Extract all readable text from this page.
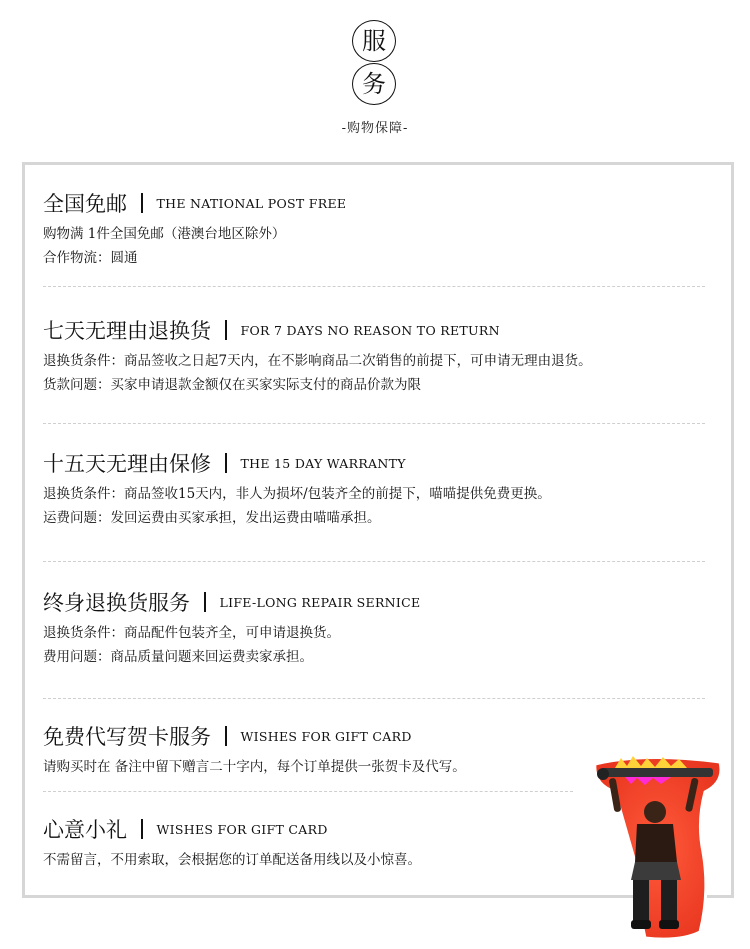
服
务
-购物保障-
全国免邮 THE NATIONAL POST FREE
购物满 1件全国免邮（港澳台地区除外）
合作物流：圆通
七天无理由退换货 FOR 7 DAYS NO REASON TO RETURN
退换货条件：商品签收之日起7天内，在不影响商品二次销售的前提下，可申请无理由退货。
货款问题：买家申请退款金额仅在买家实际支付的商品价款为限
十五天无理由保修 THE 15 DAY WARRANTY
退换货条件：商品签收15天内，非人为损坏/包装齐全的前提下，喵喵提供免费更换。
运费问题：发回运费由买家承担，发出运费由喵喵承担。
终身退换货服务 LIFE-LONG REPAIR SERNICE
退换货条件：商品配件包装齐全，可申请退换货。
费用问题：商品质量问题来回运费卖家承担。
免费代写贺卡服务 WISHES FOR GIFT CARD
请购买时在 备注中留下赠言二十字内，每个订单提供一张贺卡及代写。
心意小礼 WISHES FOR GIFT CARD
不需留言，不用索取，会根据您的订单配送备用线以及小惊喜。
